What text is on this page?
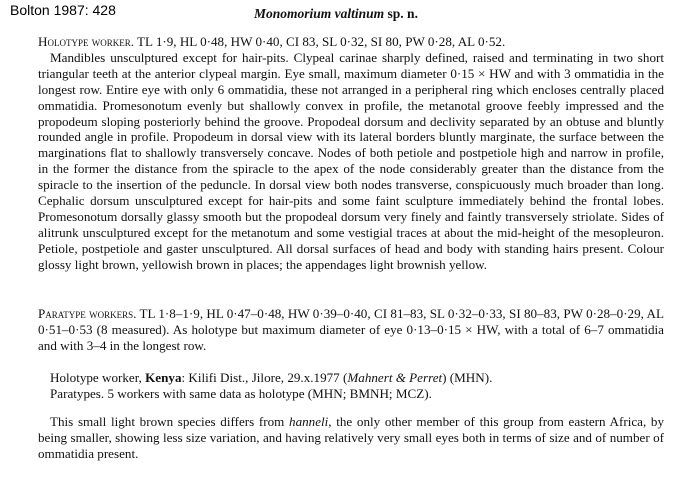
Bolton 1987: 428	Monomorium valtinum sp. n.

Holotype worker. TL 1·9, HL 0·48, HW 0·40, CI 83, SL 0·32, SI 80, PW 0·28, AL 0·52.

Mandibles unsculptured except for hair-pits. Clypeal carinae sharply defined, raised and terminating in two short triangular teeth at the anterior clypeal margin. Eye small, maximum diameter 0·15 × HW and with 3 ommatidia in the longest row. Entire eye with only 6 ommatidia, these not arranged in a peripheral ring which encloses centrally placed ommatidia. Promesonotum evenly but shallowly convex in profile, the metanotal groove feebly impressed and the propodeum sloping posteriorly behind the groove. Propodeal dorsum and declivity separated by an obtuse and bluntly rounded angle in profile. Propodeum in dorsal view with its lateral borders bluntly marginate, the surface between the marginations flat to shallowly transversely concave. Nodes of both petiole and postpetiole high and narrow in profile, in the former the distance from the spiracle to the apex of the node considerably greater than the distance from the spiracle to the insertion of the peduncle. In dorsal view both nodes transverse, conspicuously much broader than long. Cephalic dorsum unsculptured except for hair-pits and some faint sculpture immediately behind the frontal lobes. Promesonotum dorsally glassy smooth but the propodeal dorsum very finely and faintly transversely striolate. Sides of alitrunk unsculptured except for the metanotum and some vestigial traces at about the mid-height of the mesopleuron. Petiole, postpetiole and gaster unsculptured. All dorsal surfaces of head and body with standing hairs present. Colour glossy light brown, yellowish brown in places; the appendages light brownish yellow.

Paratype workers. TL 1·8–1·9, HL 0·47–0·48, HW 0·39–0·40, CI 81–83, SL 0·32–0·33, SI 80–83, PW 0·28–0·29, AL 0·51–0·53 (8 measured). As holotype but maximum diameter of eye 0·13–0·15 × HW, with a total of 6–7 ommatidia and with 3–4 in the longest row.

Holotype worker, Kenya: Kilifi Dist., Jilore, 29.x.1977 (Mahnert & Perret) (MHN).

Paratypes. 5 workers with same data as holotype (MHN; BMNH; MCZ).

This small light brown species differs from hanneli, the only other member of this group from eastern Africa, by being smaller, showing less size variation, and having relatively very small eyes both in terms of size and of number of ommatidia present.
